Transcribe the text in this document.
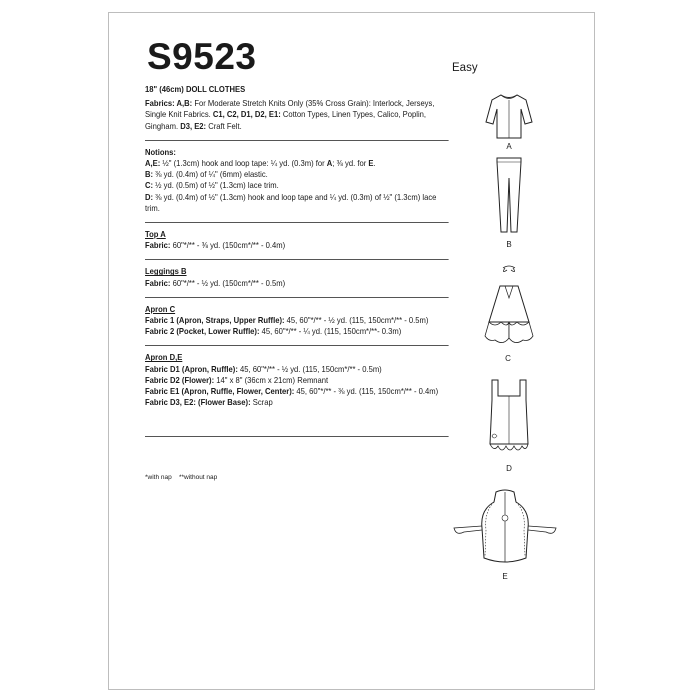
S9523	Easy

18" (46cm) DOLL CLOTHES

Fabrics: A,B: For Moderate Stretch Knits Only (35% Cross Grain): Interlock, Jerseys, Single Knit Fabrics. C1, C2, D1, D2, E1: Cotton Types, Linen Types, Calico, Poplin, Gingham. D3, E2: Craft Felt.

Notions:

A,E: ½" (1.3cm) hook and loop tape: ¼ yd. (0.3m) for A; ⅜ yd. for E.

B: ⅜ yd. (0.4m) of ¼" (6mm) elastic.

C: ½ yd. (0.5m) of ½" (1.3cm) lace trim.

D: ⅜ yd. (0.4m) of ½" (1.3cm) hook and loop tape and ¼ yd. (0.3m) of ½" (1.3cm) lace trim.

Top A

Fabric: 60"*/** - ⅜ yd. (150cm*/** - 0.4m)

Leggings B

Fabric: 60"*/** - ½ yd. (150cm*/** - 0.5m)

Apron C

Fabric 1 (Apron, Straps, Upper Ruffle): 45, 60"*/** - ½ yd. (115, 150cm*/** - 0.5m)

Fabric 2 (Pocket, Lower Ruffle): 45, 60"*/** - ¼ yd. (115, 150cm*/**- 0.3m)

Apron D,E

Fabric D1 (Apron, Ruffle): 45, 60"*/** - ½ yd. (115, 150cm*/** - 0.5m)

Fabric D2 (Flower): 14" x 8" (36cm x 21cm) Remnant

Fabric E1 (Apron, Ruffle, Flower, Center): 45, 60"*/** - ⅜ yd. (115, 150cm*/** - 0.4m)

Fabric D3, E2: (Flower Base): Scrap

*with nap    **without nap
A
B
C
D
E
